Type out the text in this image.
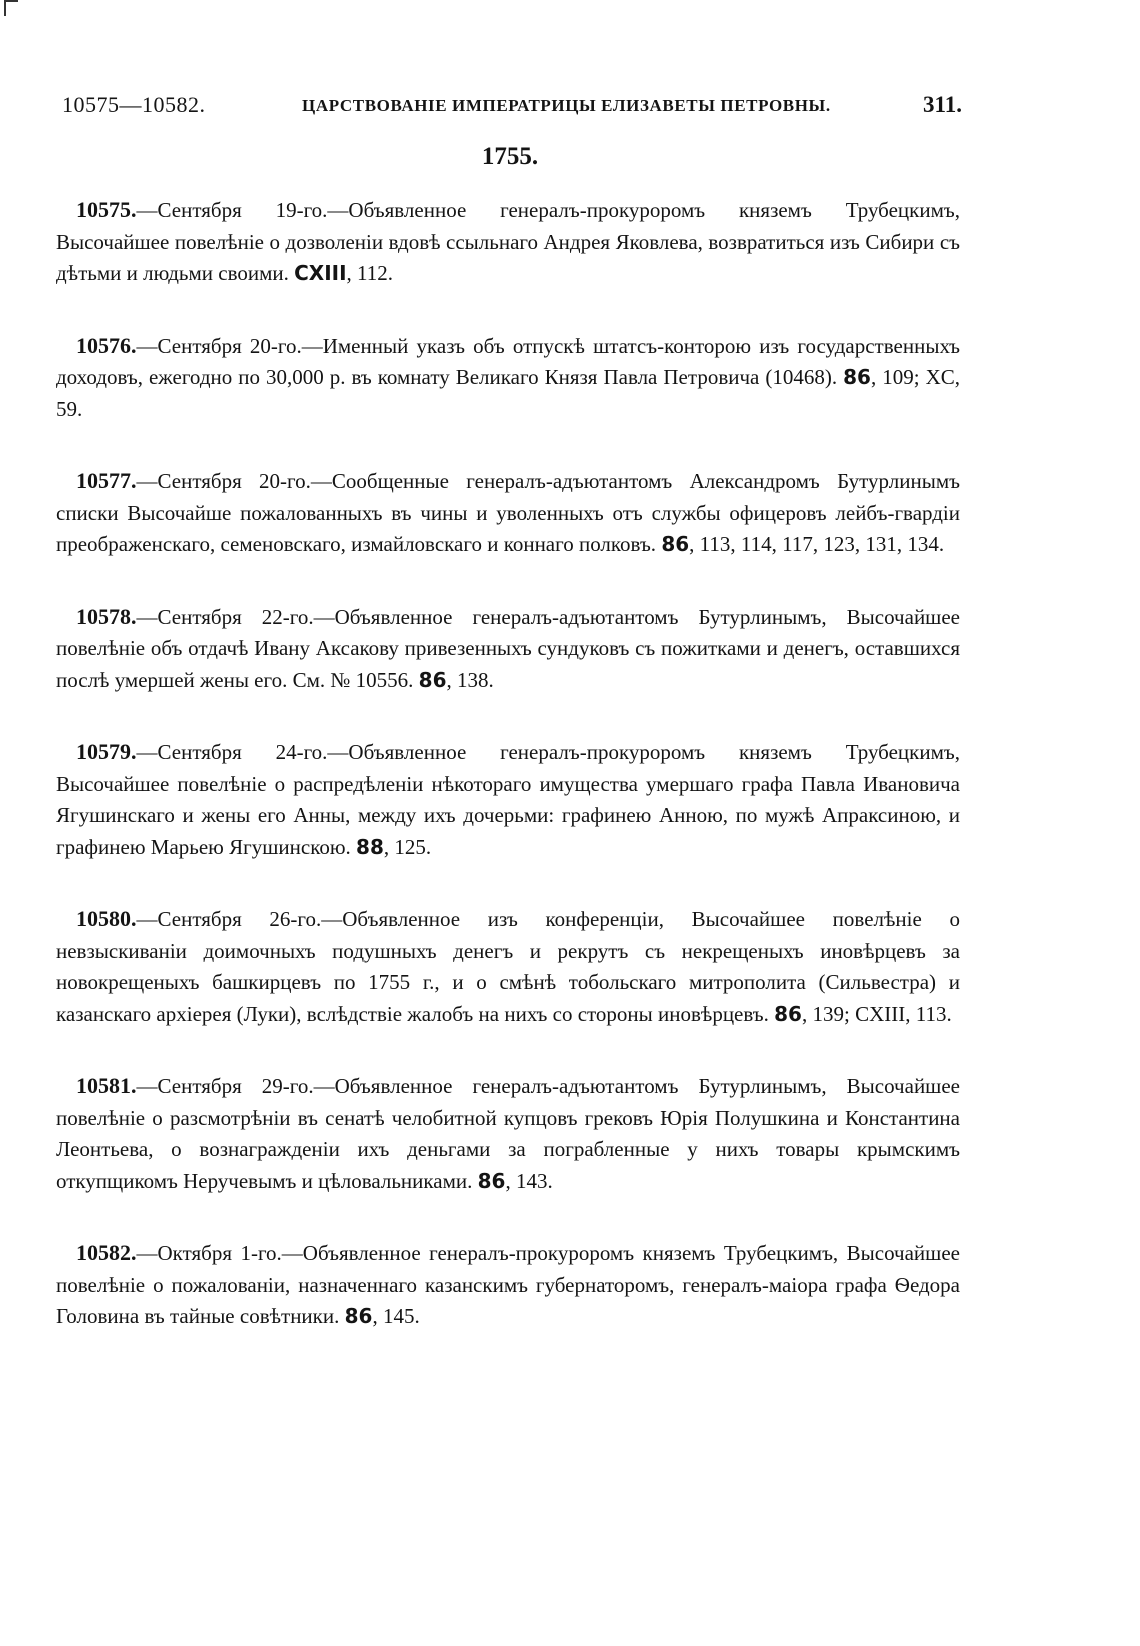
10575—10582.	ЦАРСТВОВАНІЕ ИМПЕРАТРИЦЫ ЕЛИЗАВЕТЫ ПЕТРОВНЫ.	311.
1755.

10575.—Сентября 19-го.—Объявленное генералъ-прокуроромъ княземъ Трубецкимъ, Высочайшее повелѣніе о дозволеніи вдовѣ ссыльнаго Андрея Яковлева, возвратиться изъ Сибири съ дѣтьми и людьми своими. CXIII, 112.

10576.—Сентября 20-го.—Именный указъ объ отпускѣ штатсъ-конторою изъ государственныхъ доходовъ, ежегодно по 30,000 р. въ комнату Великаго Князя Павла Петровича (10468). 86, 109; XC, 59.

10577.—Сентября 20-го.—Сообщенные генералъ-адъютантомъ Александромъ Бутурлинымъ списки Высочайше пожалованныхъ въ чины и уволенныхъ отъ службы офицеровъ лейбъ-гвардіи преображенскаго, семеновскаго, измайловскаго и коннаго полковъ. 86, 113, 114, 117, 123, 131, 134.

10578.—Сентября 22-го.—Объявленное генералъ-адъютантомъ Бутурлинымъ, Высочайшее повелѣніе объ отдачѣ Ивану Аксакову привезенныхъ сундуковъ съ пожитками и денегъ, оставшихся послѣ умершей жены его. См. № 10556. 86, 138.

10579.—Сентября 24-го.—Объявленное генералъ-прокуроромъ княземъ Трубецкимъ, Высочайшее повелѣніе о распредѣленіи нѣкотораго имущества умершаго графа Павла Ивановича Ягушинскаго и жены его Анны, между ихъ дочерьми: графинею Анною, по мужѣ Апраксиною, и графинею Марьею Ягушинскою. 88, 125.

10580.—Сентября 26-го.—Объявленное изъ конференціи, Высочайшее повелѣніе о невзыскиваніи доимочныхъ подушныхъ денегъ и рекрутъ съ некрещеныхъ иновѣрцевъ за новокрещеныхъ башкирцевъ по 1755 г., и о смѣнѣ тобольскаго митрополита (Сильвестра) и казанскаго архіерея (Луки), вслѣдствіе жалобъ на нихъ со стороны иновѣрцевъ. 86, 139; CXIII, 113.

10581.—Сентября 29-го.—Объявленное генералъ-адъютантомъ Бутурлинымъ, Высочайшее повелѣніе о разсмотрѣніи въ сенатѣ челобитной купцовъ грековъ Юрія Полушкина и Константина Леонтьева, о вознагражденіи ихъ деньгами за пограбленные у нихъ товары крымскимъ откупщикомъ Неручевымъ и цѣловальниками. 86, 143.

10582.—Октября 1-го.—Объявленное генералъ-прокуроромъ княземъ Трубецкимъ, Высочайшее повелѣніе о пожалованіи, назначеннаго казанскимъ губернаторомъ, генералъ-маіора графа Ѳедора Головина въ тайные совѣтники. 86, 145.
